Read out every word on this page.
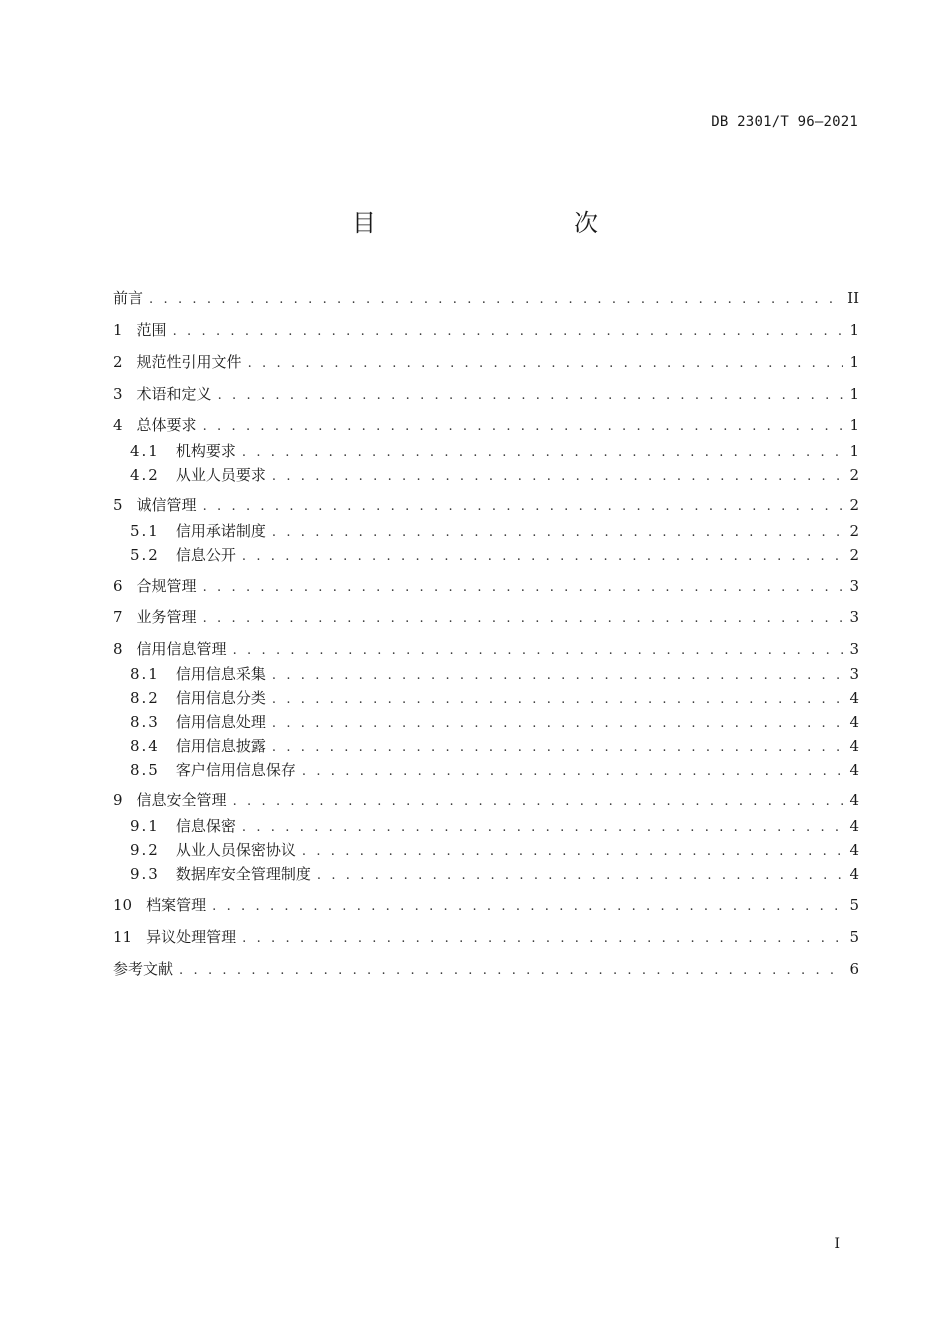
DB 2301/T 96—2021
目　　次
前言 . . .	II
1 范围 . . .	1
2 规范性引用文件 . . .	1
3 术语和定义 . . .	1
4 总体要求 . . .	1
4.1 机构要求 . . .	1
4.2 从业人员要求 . . .	2
5 诚信管理 . . .	2
5.1 信用承诺制度 . . .	2
5.2 信息公开 . . .	2
6 合规管理 . . .	3
7 业务管理 . . .	3
8 信用信息管理 . . .	3
8.1 信用信息采集 . . .	3
8.2 信用信息分类 . . .	4
8.3 信用信息处理 . . .	4
8.4 信用信息披露 . . .	4
8.5 客户信用信息保存 . . .	4
9 信息安全管理 . . .	4
9.1 信息保密 . . .	4
9.2 从业人员保密协议 . . .	4
9.3 数据库安全管理制度 . . .	4
10 档案管理 . . .	5
11 异议处理管理 . . .	5
参考文献 . . .	6
I
